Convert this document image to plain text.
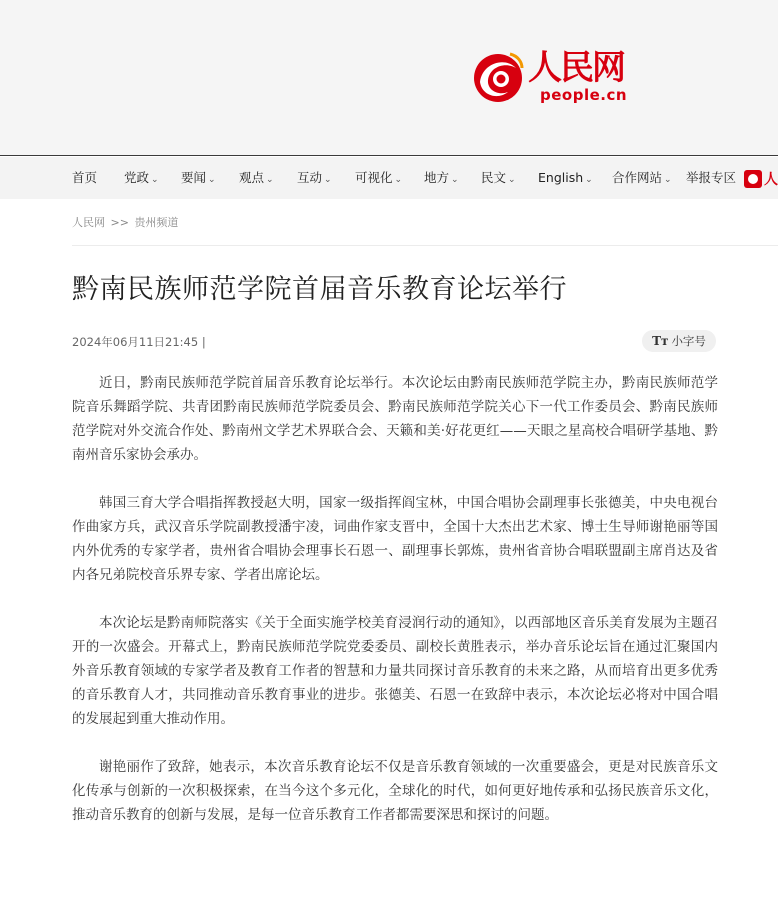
人民网
people.cn
首页 党政 ⌄ 要闻 ⌄ 观点 ⌄ 互动 ⌄ 可视化 ⌄ 地方 ⌄ 民文 ⌄ English ⌄ 合作网站 ⌄ 举报专区	人
人民网 >> 贵州频道
黔南民族师范学院首届音乐教育论坛举行
2024年06月11日21:45 |	Tт 小字号

近日，黔南民族师范学院首届音乐教育论坛举行。本次论坛由黔南民族师范学院主办，黔南民族师范学院音乐舞蹈学院、共青团黔南民族师范学院委员会、黔南民族师范学院关心下一代工作委员会、黔南民族师范学院对外交流合作处、黔南州文学艺术界联合会、天籁和美·好花更红——天眼之星高校合唱研学基地、黔南州音乐家协会承办。

韩国三育大学合唱指挥教授赵大明，国家一级指挥阎宝林，中国合唱协会副理事长张德美，中央电视台作曲家方兵，武汉音乐学院副教授潘宇凌，词曲作家支晋中，全国十大杰出艺术家、博士生导师谢艳丽等国内外优秀的专家学者，贵州省合唱协会理事长石恩一、副理事长郭炼，贵州省音协合唱联盟副主席肖达及省内各兄弟院校音乐界专家、学者出席论坛。

本次论坛是黔南师院落实《关于全面实施学校美育浸润行动的通知》，以西部地区音乐美育发展为主题召开的一次盛会。开幕式上，黔南民族师范学院党委委员、副校长黄胜表示，举办音乐论坛旨在通过汇聚国内外音乐教育领域的专家学者及教育工作者的智慧和力量共同探讨音乐教育的未来之路，从而培育出更多优秀的音乐教育人才，共同推动音乐教育事业的进步。张德美、石恩一在致辞中表示，本次论坛必将对中国合唱的发展起到重大推动作用。

谢艳丽作了致辞，她表示，本次音乐教育论坛不仅是音乐教育领域的一次重要盛会，更是对民族音乐文化传承与创新的一次积极探索，在当今这个多元化，全球化的时代，如何更好地传承和弘扬民族音乐文化，推动音乐教育的创新与发展，是每一位音乐教育工作者都需要深思和探讨的问题。
